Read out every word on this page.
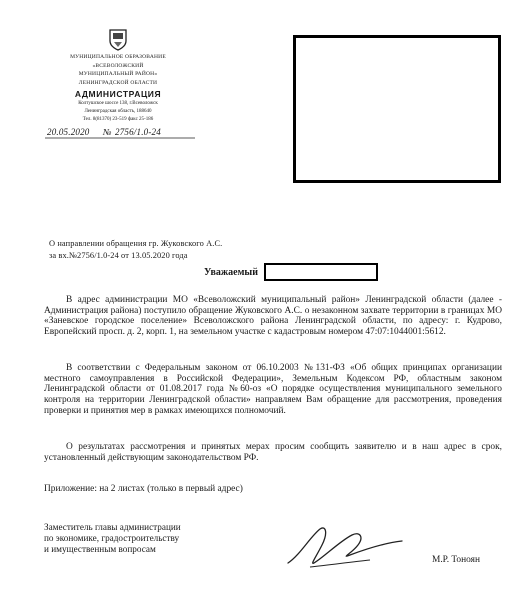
МУНИЦИПАЛЬНОЕ ОБРАЗОВАНИЕ
«ВСЕВОЛОЖСКИЙ
МУНИЦИПАЛЬНЫЙ РАЙОН»
ЛЕНИНГРАДСКОЙ ОБЛАСТИ
АДМИНИСТРАЦИЯ
Колтушское шоссе 138, г.Всеволожск
Ленинградская область, 188640
Тел. 8(81370) 23-519 факс 25-186
20.05.2020 № 2756/1.0-24
О направлении обращения гр. Жуковского А.С.
за вх.№2756/1.0-24 от 13.05.2020 года
Уважаемый

В адрес администрации МО «Всеволожский муниципальный район» Ленинградской области (далее - Администрация района) поступило обращение Жуковского А.С. о незаконном захвате территории в границах МО «Заневское городское поселение» Всеволожского района Ленинградской области, по адресу: г. Кудрово, Европейский просп. д. 2, корп. 1, на земельном участке с кадастровым номером 47:07:1044001:5612.

В соответствии с Федеральным законом от 06.10.2003 №131-ФЗ «Об общих принципах организации местного самоуправления в Российской Федерации», Земельным Кодексом РФ, областным законом Ленинградской области от 01.08.2017 года №60-оз «О порядке осуществления муниципального земельного контроля на территории Ленинградской области» направляем Вам обращение для рассмотрения, проведения проверки и принятия мер в рамках имеющихся полномочий.

О результатах рассмотрения и принятых мерах просим сообщить заявителю и в наш адрес в срок, установленный действующим законодательством РФ.

Приложение: на 2 листах (только в первый адрес)
Заместитель главы администрации
по экономике, градостроительству
и имущественным вопросам
М.Р. Тоноян
